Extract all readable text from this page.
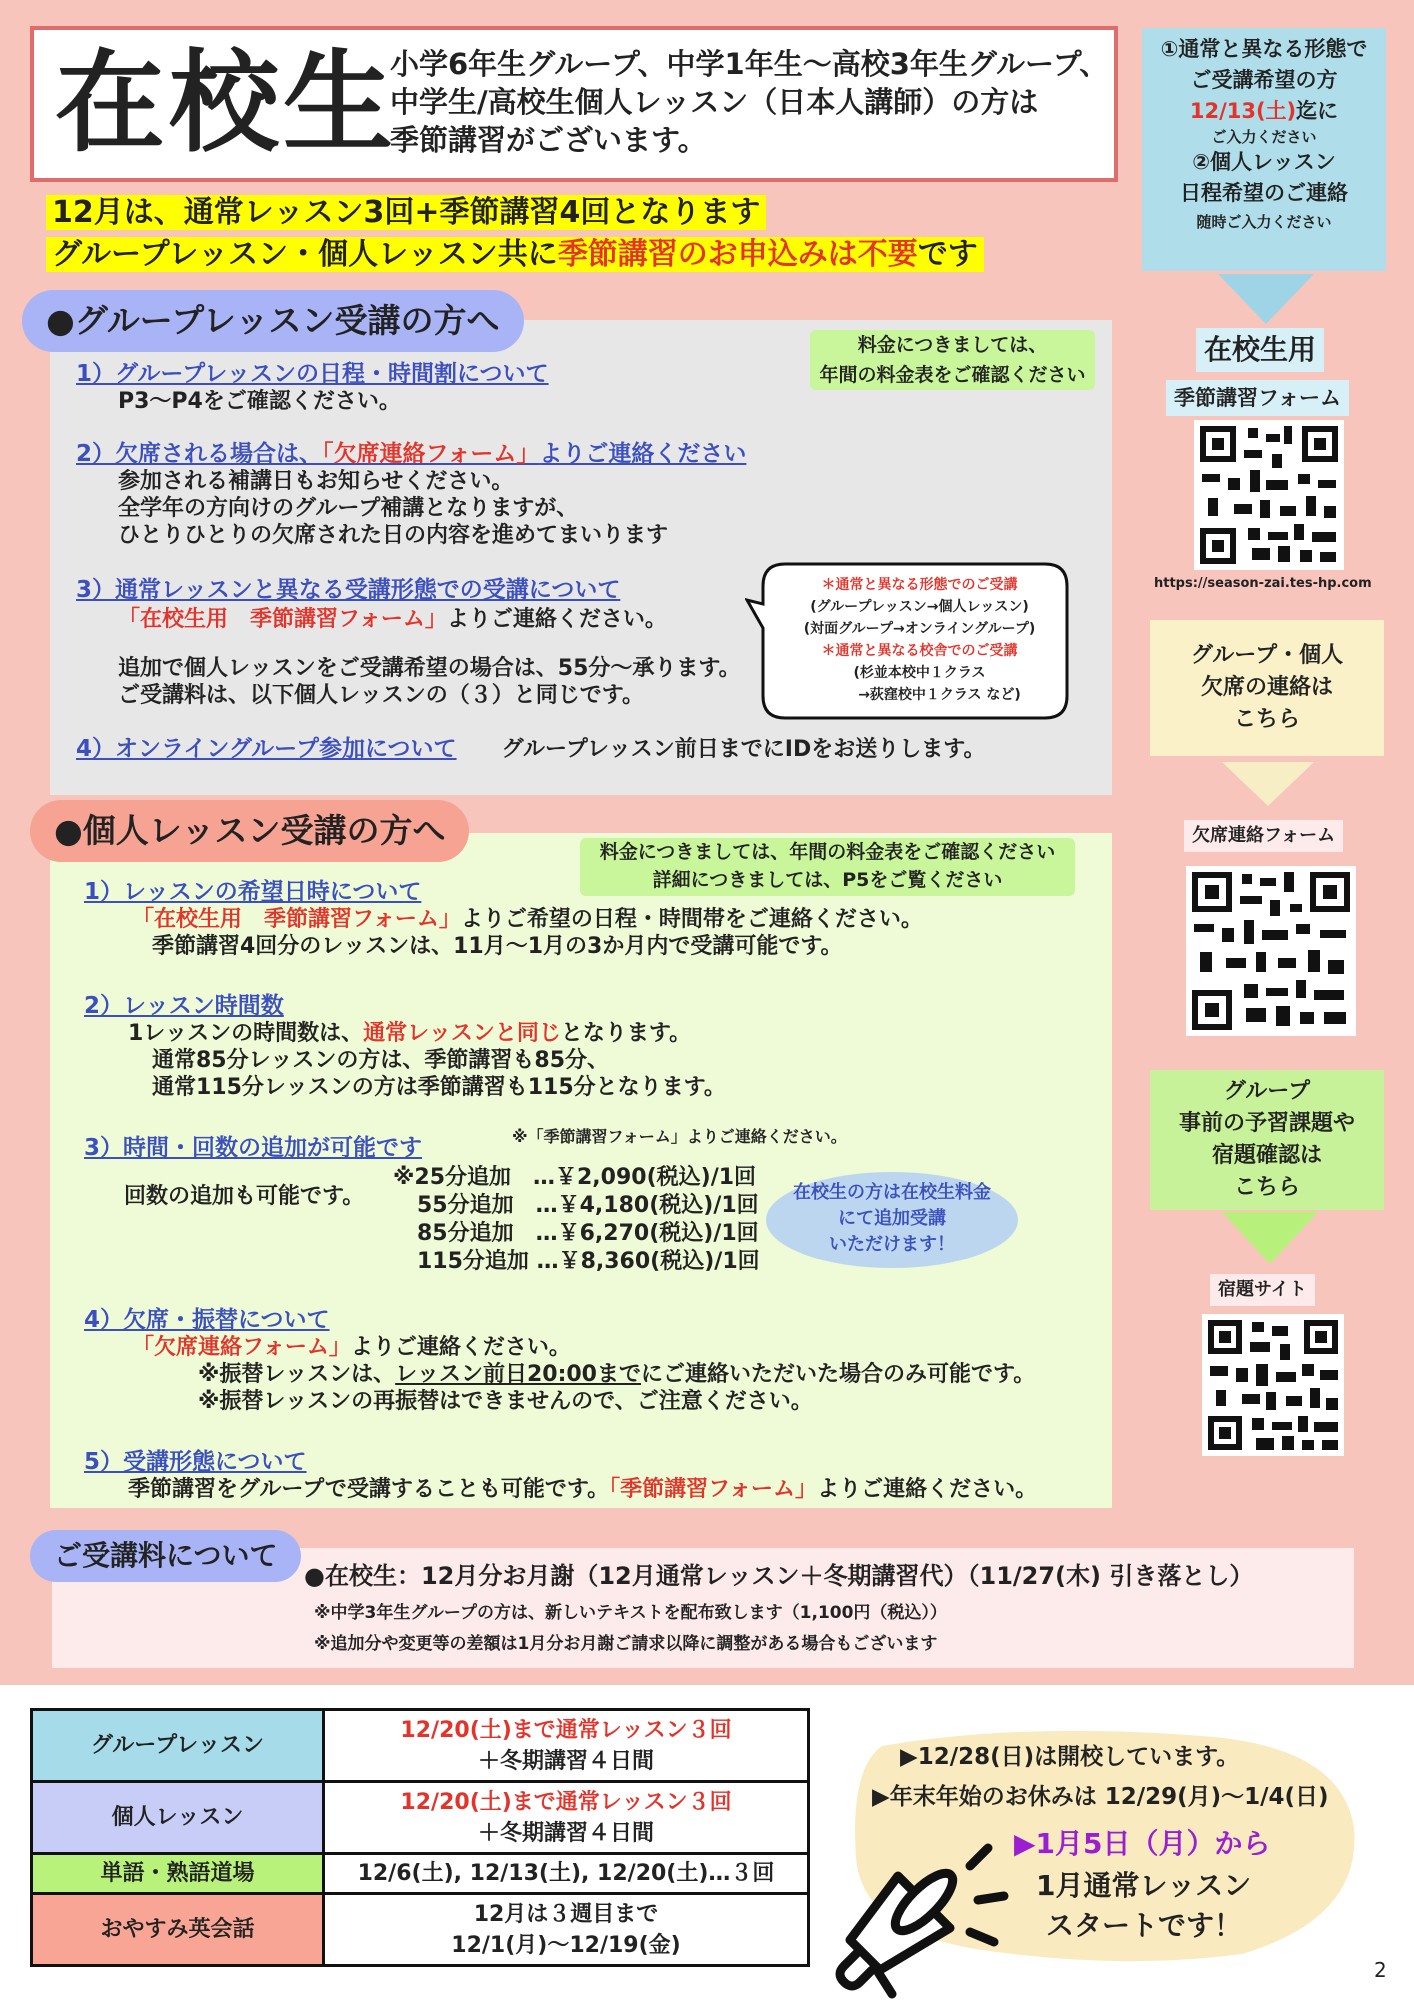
在校生
小学6年生グループ、中学1年生～高校3年生グループ、
中学生/高校生個人レッスン（日本人講師）の方は
季節講習がございます。
12月は、通常レッスン3回+季節講習4回となります
グループレッスン・個人レッスン共に季節講習のお申込みは不要です
●グループレッスン受講の方へ
料金につきましては、
年間の料金表をご確認ください
1）グループレッスンの日程・時間割について
P3～P4をご確認ください。
2）欠席される場合は、「欠席連絡フォーム」よりご連絡ください
参加される補講日もお知らせください。
全学年の方向けのグループ補講となりますが、
ひとりひとりの欠席された日の内容を進めてまいります
3）通常レッスンと異なる受講形態での受講について
「在校生用　季節講習フォーム」よりご連絡ください。
追加で個人レッスンをご受講希望の場合は、55分～承ります。
ご受講料は、以下個人レッスンの（３）と同じです。
4）オンライングループ参加について グループレッスン前日までにIDをお送りします。
＊通常と異なる形態でのご受講
(グループレッスン→個人レッスン)
(対面グループ→オンライングループ)
＊通常と異なる校舎でのご受講
(杉並本校中１クラス
→荻窪校中１クラス など)
●個人レッスン受講の方へ
料金につきましては、年間の料金表をご確認ください
詳細につきましては、P5をご覧ください
1）レッスンの希望日時について
「在校生用　季節講習フォーム」よりご希望の日程・時間帯をご連絡ください。
季節講習4回分のレッスンは、11月～1月の3か月内で受講可能です。
2）レッスン時間数
1レッスンの時間数は、通常レッスンと同じとなります。
通常85分レッスンの方は、季節講習も85分、
通常115分レッスンの方は季節講習も115分となります。
3）時間・回数の追加が可能です	※「季節講習フォーム」よりご連絡ください。
回数の追加も可能です。
※25分追加　…￥2,090(税込)/1回
55分追加　…￥4,180(税込)/1回
85分追加　…￥6,270(税込)/1回
115分追加 …￥8,360(税込)/1回
在校生の方は在校生料金
にて追加受講
いただけます！
4）欠席・振替について
「欠席連絡フォーム」よりご連絡ください。
※振替レッスンは、レッスン前日20:00までにご連絡いただいた場合のみ可能です。
※振替レッスンの再振替はできませんので、ご注意ください。
5）受講形態について
季節講習をグループで受講することも可能です。「季節講習フォーム」よりご連絡ください。
ご受講料について
●在校生：12月分お月謝（12月通常レッスン＋冬期講習代）（11/27(木) 引き落とし）
※中学3年生グループの方は、新しいテキストを配布致します（1,100円（税込））
※追加分や変更等の差額は1月分お月謝ご請求以降に調整がある場合もございます
①通常と異なる形態で
ご受講希望の方
12/13(土)迄に
ご入力ください
②個人レッスン
日程希望のご連絡
随時ご入力ください
在校生用
季節講習フォーム
https://season-zai.tes-hp.com
グループ・個人
欠席の連絡は
こちら
欠席連絡フォーム
グループ
事前の予習課題や
宿題確認は
こちら
宿題サイト
グループレッスン	12/20(土)まで通常レッスン３回
＋冬期講習４日間

個人レッスン	12/20(土)まで通常レッスン３回
＋冬期講習４日間

単語・熟語道場	12/6(土), 12/13(土), 12/20(土)…３回

おやすみ英会話	12月は３週目まで
12/1(月)～12/19(金)
▶12/28(日)は開校しています。
▶年末年始のお休みは 12/29(月)～1/4(日)
▶1月5日（月）から
1月通常レッスン
スタートです！
2
